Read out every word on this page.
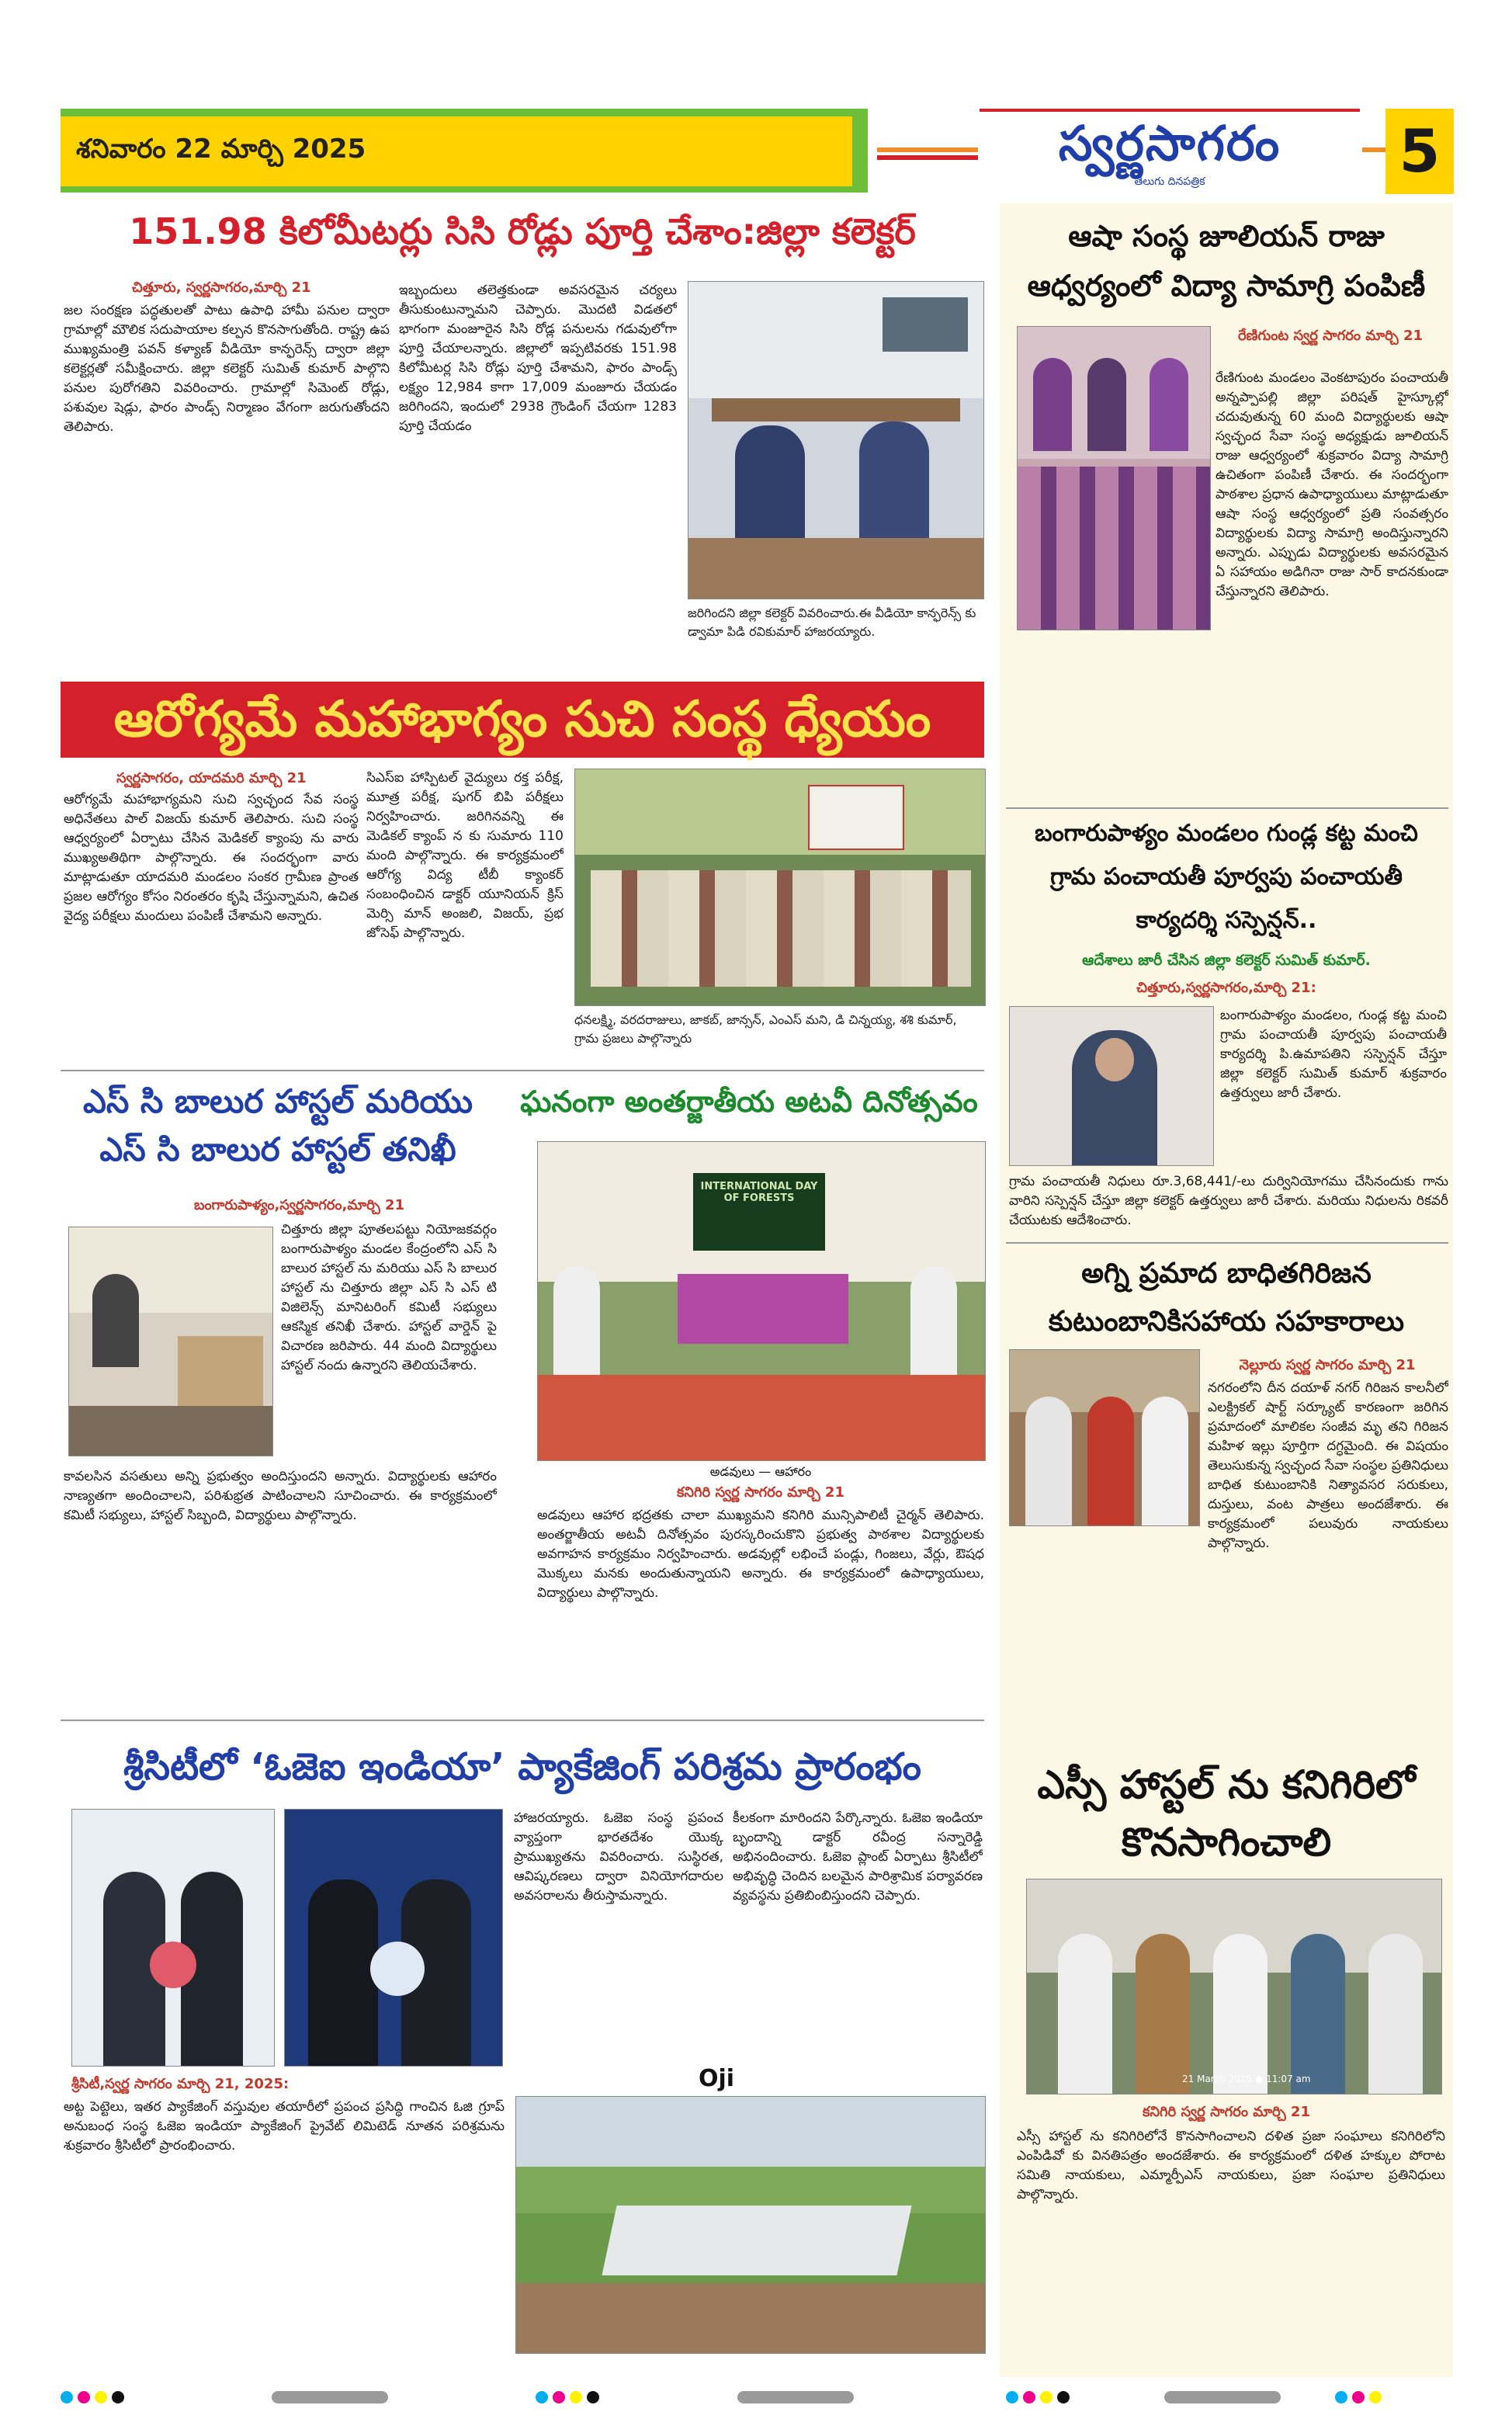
శనివారం 22 మార్చి 2025	స్వర్ణసాగరం
తెలుగు దినపత్రిక	5
151.98 కిలోమీటర్లు సిసి రోడ్లు పూర్తి చేశాం:జిల్లా కలెక్టర్
చిత్తూరు, స్వర్ణసాగరం,మార్చి 21
జల సంరక్షణ పద్ధతులతో పాటు ఉపాధి హామీ పనుల ద్వారా గ్రామాల్లో మౌలిక సదుపాయాల కల్పన కొనసాగుతోంది. రాష్ట్ర ఉప ముఖ్యమంత్రి పవన్ కళ్యాణ్ వీడియో కాన్ఫరెన్స్ ద్వారా జిల్లా కలెక్టర్లతో సమీక్షించారు. జిల్లా కలెక్టర్ సుమిత్ కుమార్ పాల్గొని పనుల పురోగతిని వివరించారు. గ్రామాల్లో సిమెంట్ రోడ్లు, పశువుల షెడ్లు, ఫారం పాండ్స్ నిర్మాణం వేగంగా జరుగుతోందని తెలిపారు.
ఇబ్బందులు తలెత్తకుండా అవసరమైన చర్యలు తీసుకుంటున్నామని చెప్పారు. మొదటి విడతలో భాగంగా మంజూరైన సిసి రోడ్ల పనులను గడువులోగా పూర్తి చేయాలన్నారు. జిల్లాలో ఇప్పటివరకు 151.98 కిలోమీటర్ల సిసి రోడ్లు పూర్తి చేశామని, ఫారం పాండ్స్ లక్ష్యం 12,984 కాగా 17,009 మంజూరు చేయడం జరిగిందని, ఇందులో 2938 గ్రౌండింగ్ చేయగా 1283 పూర్తి చేయడం
జరిగిందని జిల్లా కలెక్టర్ వివరించారు.ఈ వీడియో కాన్ఫరెన్స్ కు డ్వామా పిడి రవికుమార్ హాజరయ్యారు.
ఆరోగ్యమే మహాభాగ్యం సుచి సంస్థ ధ్యేయం
స్వర్ణసాగరం, యాదమరి మార్చి 21
ఆరోగ్యమే మహాభాగ్యమని సుచి స్వచ్ఛంద సేవ సంస్థ అధినేతలు పాల్ విజయ్ కుమార్ తెలిపారు. సుచి సంస్థ ఆధ్వర్యంలో ఏర్పాటు చేసిన మెడికల్ క్యాంపు ను వారు ముఖ్యఅతిథిగా పాల్గొన్నారు. ఈ సందర్భంగా వారు మాట్లాడుతూ యాదమరి మండలం సంకర గ్రామీణ ప్రాంత ప్రజల ఆరోగ్యం కోసం నిరంతరం కృషి చేస్తున్నామని, ఉచిత వైద్య పరీక్షలు మందులు పంపిణీ చేశామని అన్నారు.
సిఎస్ఐ హాస్పిటల్ వైద్యులు రక్త పరీక్ష, మూత్ర పరీక్ష, షుగర్ బిపి పరీక్షలు నిర్వహించారు. జరిగినవన్ని ఈ మెడికల్ క్యాంప్ న కు సుమారు 110 మంది పాల్గొన్నారు. ఈ కార్యక్రమంలో ఆరోగ్య విద్య టీబీ క్యాంకర్ సంబంధించిన డాక్టర్ యూనియన్ క్రిస్ మెర్సి మాన్ అంజలి, విజయ్, ప్రభ జోసెఫ్ పాల్గొన్నారు.
ధనలక్ష్మి, వరదరాజులు, జాకబ్, జాన్సన్, ఎంఎస్ మని, డి చిన్నయ్య, శశి కుమార్, గ్రామ ప్రజలు పాల్గొన్నారు
ఎస్ సి బాలుర హాస్టల్ మరియు ఎస్ సి బాలుర హాస్టల్ తనిఖీ
బంగారుపాళ్యం,స్వర్ణసాగరం,మార్చి 21
చిత్తూరు జిల్లా పూతలపట్టు నియోజకవర్గం బంగారుపాళ్యం మండల కేంద్రంలోని ఎస్ సి బాలుర హాస్టల్ ను మరియు ఎస్ సి బాలుర హాస్టల్ ను చిత్తూరు జిల్లా ఎస్ సి ఎస్ టి విజిలెన్స్ మానిటరింగ్ కమిటీ సభ్యులు ఆకస్మిక తనిఖీ చేశారు. హాస్టల్ వార్డెన్ పై విచారణ జరిపారు. 44 మంది విద్యార్థులు హాస్టల్ నందు ఉన్నారని తెలియచేశారు.
కావలసిన వసతులు అన్ని ప్రభుత్వం అందిస్తుందని అన్నారు. విద్యార్థులకు ఆహారం నాణ్యతగా అందించాలని, పరిశుభ్రత పాటించాలని సూచించారు. ఈ కార్యక్రమంలో కమిటీ సభ్యులు, హాస్టల్ సిబ్బంది, విద్యార్థులు పాల్గొన్నారు.
ఘనంగా అంతర్జాతీయ అటవీ దినోత్సవం
INTERNATIONAL DAY OF FORESTS
అడవులు — ఆహారం
కనిగిరి స్వర్ణ సాగరం మార్చి 21
అడవులు ఆహార భద్రతకు చాలా ముఖ్యమని కనిగిరి మున్సిపాలిటీ చైర్మన్ తెలిపారు. అంతర్జాతీయ అటవీ దినోత్సవం పురస్కరించుకొని ప్రభుత్వ పాఠశాల విద్యార్థులకు అవగాహన కార్యక్రమం నిర్వహించారు. అడవుల్లో లభించే పండ్లు, గింజలు, వేర్లు, ఔషధ మొక్కలు మనకు అందుతున్నాయని అన్నారు. ఈ కార్యక్రమంలో ఉపాధ్యాయులు, విద్యార్థులు పాల్గొన్నారు.
శ్రీసిటీలో ‘ఓజెఐ ఇండియా’ ప్యాకేజింగ్ పరిశ్రమ ప్రారంభం
శ్రీసిటీ,స్వర్ణ సాగరం మార్చి 21, 2025:
అట్ట పెట్టెలు, ఇతర ప్యాకేజింగ్ వస్తువుల తయారీలో ప్రపంచ ప్రసిద్ధి గాంచిన ఓజి గ్రూప్ అనుబంధ సంస్థ ఓజెఐ ఇండియా ప్యాకేజింగ్ ప్రైవేట్ లిమిటెడ్ నూతన పరిశ్రమను శుక్రవారం శ్రీసిటీలో ప్రారంభించారు.
హాజరయ్యారు. ఓజెఐ సంస్థ ప్రపంచ వ్యాప్తంగా భారతదేశం యొక్క ప్రాముఖ్యతను వివరించారు. సుస్థిరత, ఆవిష్కరణలు ద్వారా వినియోగదారుల అవసరాలను తీరుస్తామన్నారు.
Oji
కీలకంగా మారిందని పేర్కొన్నారు. ఓజెఐ ఇండియా బృందాన్ని డాక్టర్ రవీంద్ర సన్నారెడ్డి అభినందించారు. ఓజెఐ ప్లాంట్ ఏర్పాటు శ్రీసిటీలో అభివృద్ధి చెందిన బలమైన పారిశ్రామిక పర్యావరణ వ్యవస్థను ప్రతిబింబిస్తుందని చెప్పారు.
ఆషా సంస్థ జూలియన్ రాజు ఆధ్వర్యంలో విద్యా సామాగ్రి పంపిణీ
రేణిగుంట స్వర్ణ సాగరం మార్చి 21
రేణిగుంట మండలం వెంకటాపురం పంచాయతీ అన్నప్పాపల్లి జిల్లా పరిషత్ హైస్కూల్లో చదువుతున్న 60 మంది విద్యార్థులకు ఆషా స్వచ్ఛంద సేవా సంస్థ అధ్యక్షుడు జూలియన్ రాజు ఆధ్వర్యంలో శుక్రవారం విద్యా సామాగ్రి ఉచితంగా పంపిణీ చేశారు. ఈ సందర్భంగా పాఠశాల ప్రధాన ఉపాధ్యాయులు మాట్లాడుతూ ఆషా సంస్థ ఆధ్వర్యంలో ప్రతి సంవత్సరం విద్యార్థులకు విద్యా సామాగ్రి అందిస్తున్నారని అన్నారు. ఎప్పుడు విద్యార్థులకు అవసరమైన ఏ సహాయం అడిగినా రాజు సార్ కాదనకుండా చేస్తున్నారని తెలిపారు.
బంగారుపాళ్యం మండలం గుండ్ల కట్ట మంచి గ్రామ పంచాయతీ పూర్వపు పంచాయతీ కార్యదర్శి సస్పెన్షన్..
ఆదేశాలు జారీ చేసిన జిల్లా కలెక్టర్ సుమిత్ కుమార్.
చిత్తూరు,స్వర్ణసాగరం,మార్చి 21:
బంగారుపాళ్యం మండలం, గుండ్ల కట్ట మంచి గ్రామ పంచాయతీ పూర్వపు పంచాయతీ కార్యదర్శి పి.ఉమాపతిని సస్పెన్షన్ చేస్తూ జిల్లా కలెక్టర్ సుమిత్ కుమార్ శుక్రవారం ఉత్తర్వులు జారీ చేశారు.
గ్రామ పంచాయతీ నిధులు రూ.3,68,441/-లు దుర్వినియోగము చేసినందుకు గాను వారిని సస్పెన్షన్ చేస్తూ జిల్లా కలెక్టర్ ఉత్తర్వులు జారీ చేశారు. మరియు నిధులను రికవరీ చేయుటకు ఆదేశించారు.
అగ్ని ప్రమాద బాధితగిరిజన కుటుంబానికిసహాయ సహకారాలు
నెల్లూరు స్వర్ణ సాగరం మార్చి 21
నగరంలోని దీన దయాళ్ నగర్ గిరిజన కాలనీలో ఎలక్ట్రికల్ షార్ట్ సర్క్యూట్ కారణంగా జరిగిన ప్రమాదంలో మాలికల సంజీవ మృ తని గిరిజన మహిళ ఇల్లు పూర్తిగా దగ్ధమైంది. ఈ విషయం తెలుసుకున్న స్వచ్ఛంద సేవా సంస్థల ప్రతినిధులు బాధిత కుటుంబానికి నిత్యావసర సరుకులు, దుస్తులు, వంట పాత్రలు అందజేశారు. ఈ కార్యక్రమంలో పలువురు నాయకులు పాల్గొన్నారు.
ఎస్సీ హాస్టల్ ను కనిగిరిలో కొనసాగించాలి
21 March 2025 ● 11:07 am
కనిగిరి స్వర్ణ సాగరం మార్చి 21
ఎస్సీ హాస్టల్ ను కనిగిరిలోనే కొనసాగించాలని దళిత ప్రజా సంఘాలు కనిగిరిలోని ఎంపిడివో కు వినతిపత్రం అందజేశారు. ఈ కార్యక్రమంలో దళిత హక్కుల పోరాట సమితి నాయకులు, ఎమ్మార్పీఎస్ నాయకులు, ప్రజా సంఘాల ప్రతినిధులు పాల్గొన్నారు.
